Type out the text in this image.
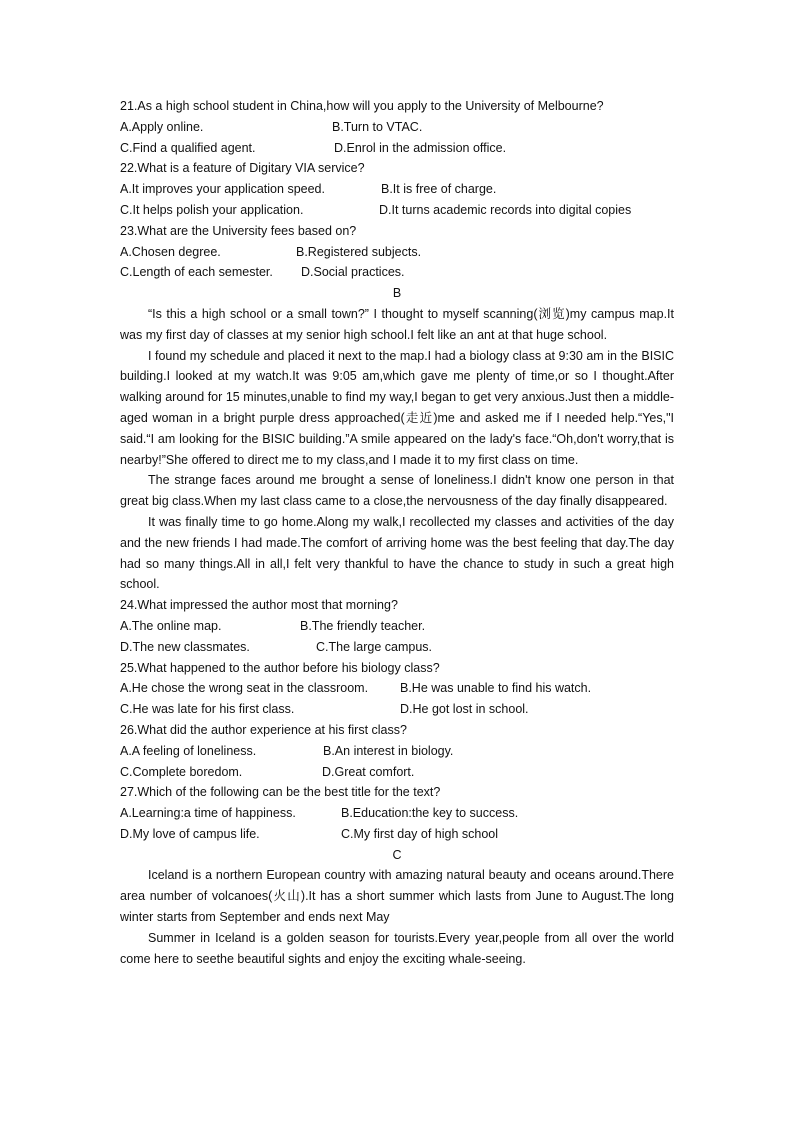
21.As a high school student in China,how will you apply to the University of Melbourne?

A.Apply online.	B.Turn to VTAC.
C.Find a qualified agent.	D.Enrol in the admission office.

22.What is a feature of Digitary VIA service?

A.It improves your application speed.	B.It is free of charge.
C.It helps polish your application.	D.It turns academic records into digital copies

23.What are the University fees based on?

A.Chosen degree.	B.Registered subjects.
C.Length of each semester.	D.Social practices.

B

“Is this a high school or a small town?” I thought to myself scanning(浏览)my campus map.It was my first day of classes at my senior high school.I felt like an ant at that huge school.

I found my schedule and placed it next to the map.I had a biology class at 9:30 am in the BISIC building.I looked at my watch.It was 9:05 am,which gave me plenty of time,or so I thought.After walking around for 15 minutes,unable to find my way,I began to get very anxious.Just then a middle-aged woman in a bright purple dress approached(走近)me and asked me if I needed help.“Yes,"I said.“I am looking for the BISIC building.”A smile appeared on the lady's face.“Oh,don't worry,that is nearby!”She offered to direct me to my class,and I made it to my first class on time.

The strange faces around me brought a sense of loneliness.I didn't know one person in that great big class.When my last class came to a close,the nervousness of the day finally disappeared.

It was finally time to go home.Along my walk,I recollected my classes and activities of the day and the new friends I had made.The comfort of arriving home was the best feeling that day.The day had so many things.All in all,I felt very thankful to have the chance to study in such a great high school.

24.What impressed the author most that morning?

A.The online map.	B.The friendly teacher.
D.The new classmates.	C.The large campus.

25.What happened to the author before his biology class?

A.He chose the wrong seat in the classroom.	B.He was unable to find his watch.
C.He was late for his first class.	D.He got lost in school.

26.What did the author experience at his first class?

A.A feeling of loneliness.	B.An interest in biology.
C.Complete boredom.	D.Great comfort.

27.Which of the following can be the best title for the text?

A.Learning:a time of happiness.	B.Education:the key to success.
D.My love of campus life.	C.My first day of high school

C

Iceland is a northern European country with amazing natural beauty and oceans around.There area number of volcanoes(火山).It has a short summer which lasts from June to August.The long winter starts from September and ends next May

Summer in Iceland is a golden season for tourists.Every year,people from all over the world come here to seethe beautiful sights and enjoy the exciting whale-seeing.
